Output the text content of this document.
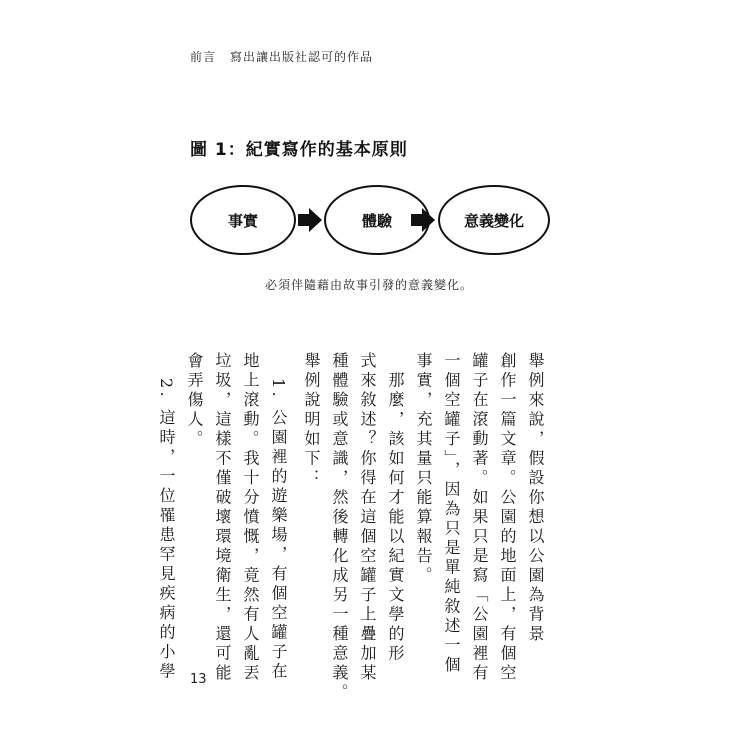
前言 寫出讓出版社認可的作品
圖 1：紀實寫作的基本原則
事實	體驗	意義變化
必須伴隨藉由故事引發的意義變化。
舉例來說，假設你想以公園為背景
創作一篇文章。公園的地面上，有個空
罐子在滾動著。如果只是寫「公園裡有
一個空罐子」，因為只是單純敘述一個
事實，充其量只能算報告。
　那麼，該如何才能以紀實文學的形
式來敘述？你得在這個空罐子上疊加某
種體驗或意識，然後轉化成另一種意義。
舉例說明如下：
1. 公園裡的遊樂場，有個空罐子在
地上滾動。我十分憤慨，竟然有人亂丟
垃圾，這樣不僅破壞環境衛生，還可能
會弄傷人。
2. 這時，一位罹患罕見疾病的小學	13
